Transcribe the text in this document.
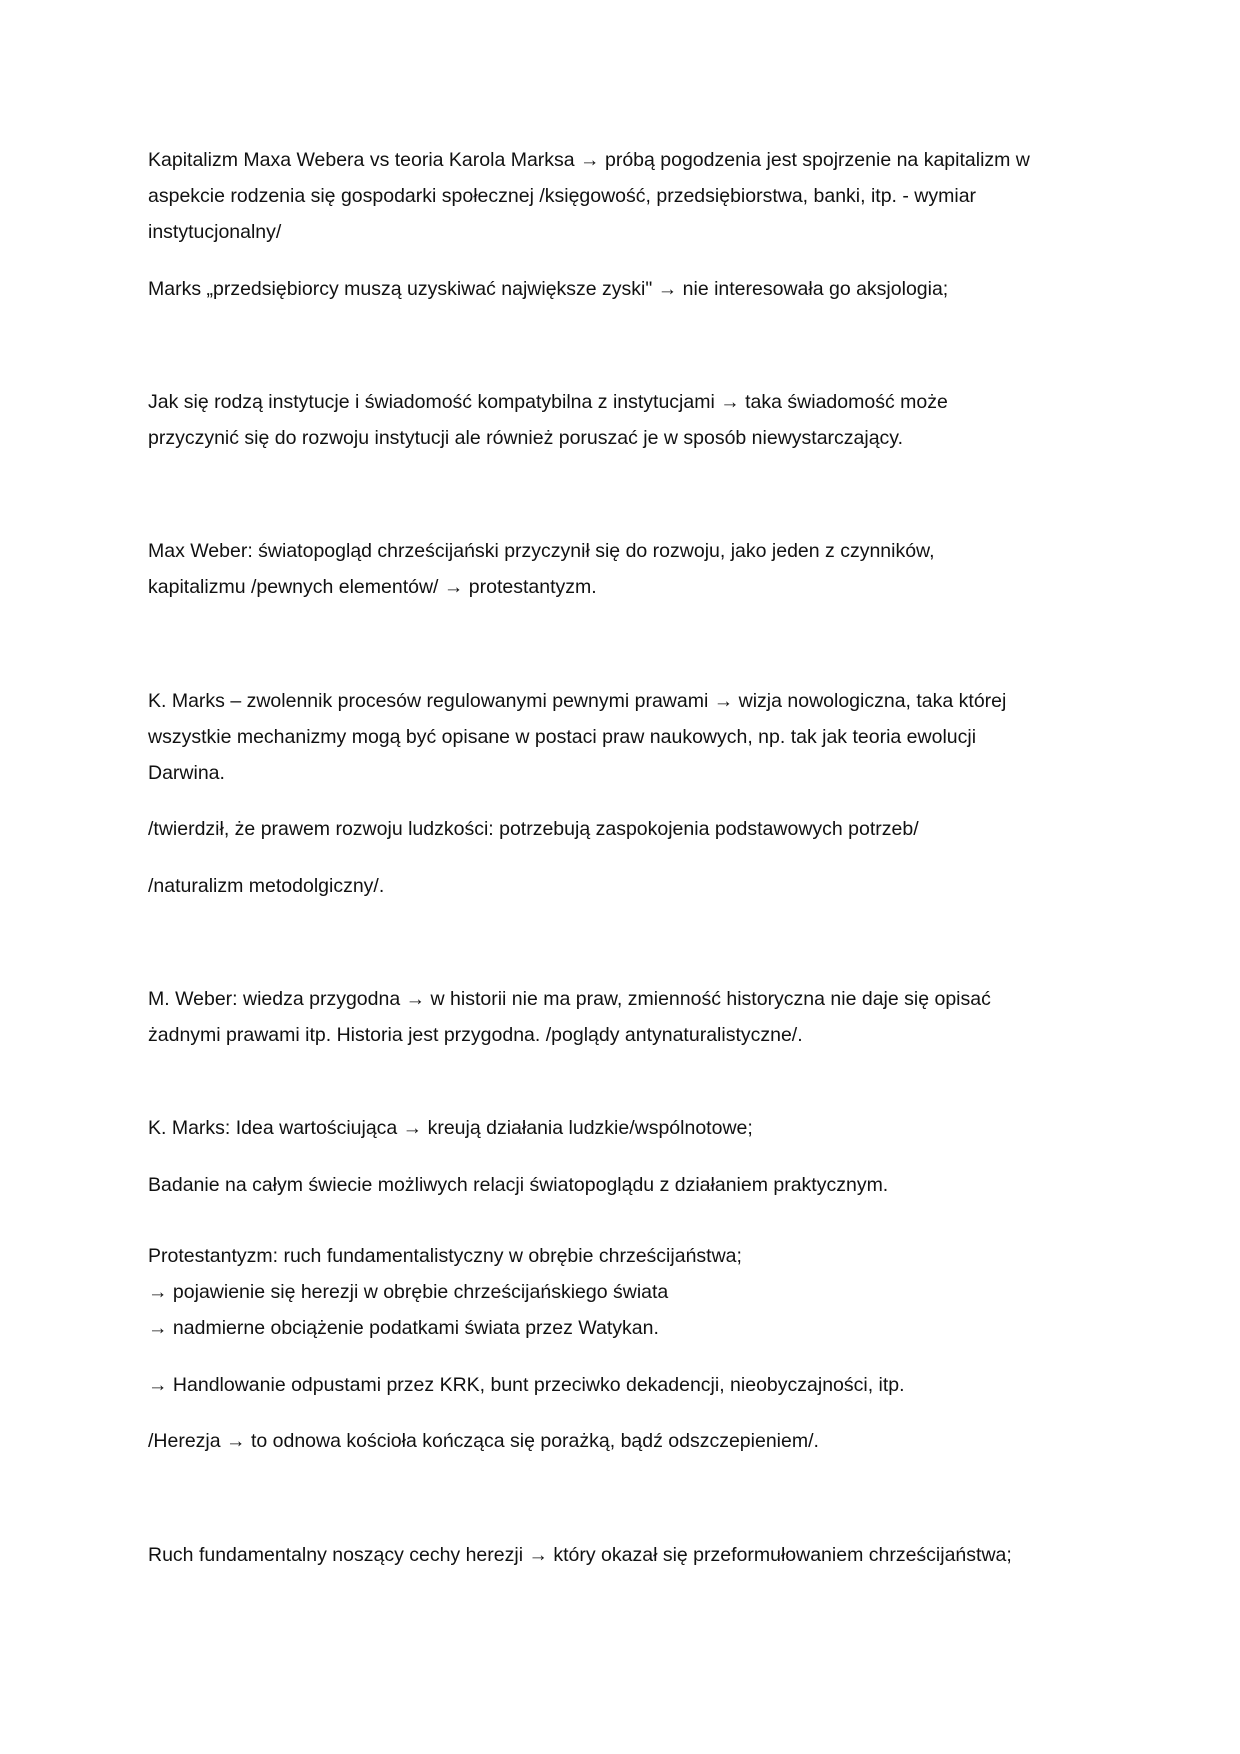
Kapitalizm Maxa Webera vs teoria Karola Marksa → próbą pogodzenia jest spojrzenie na kapitalizm w

aspekcie rodzenia się gospodarki społecznej /księgowość, przedsiębiorstwa, banki, itp. - wymiar

instytucjonalny/

Marks „przedsiębiorcy muszą uzyskiwać największe zyski" → nie interesowała go aksjologia;

Jak się rodzą instytucje i świadomość kompatybilna z instytucjami → taka świadomość może

przyczynić się do rozwoju instytucji ale również poruszać je w sposób niewystarczający.

Max Weber: światopogląd chrześcijański przyczynił się do rozwoju, jako jeden z czynników,

kapitalizmu /pewnych elementów/ → protestantyzm.

K. Marks – zwolennik procesów regulowanymi pewnymi prawami → wizja nowologiczna, taka której

wszystkie mechanizmy mogą być opisane w postaci praw naukowych, np. tak jak teoria ewolucji

Darwina.

/twierdził, że prawem rozwoju ludzkości: potrzebują zaspokojenia podstawowych potrzeb/

/naturalizm metodolgiczny/.

M. Weber: wiedza przygodna → w historii nie ma praw, zmienność historyczna nie daje się opisać

żadnymi prawami itp. Historia jest przygodna. /poglądy antynaturalistyczne/.

K. Marks: Idea wartościująca → kreują działania ludzkie/wspólnotowe;

Badanie na całym świecie możliwych relacji światopoglądu z działaniem praktycznym.

Protestantyzm: ruch fundamentalistyczny w obrębie chrześcijaństwa;

→ pojawienie się herezji w obrębie chrześcijańskiego świata

→ nadmierne obciążenie podatkami świata przez Watykan.

→ Handlowanie odpustami przez KRK, bunt przeciwko dekadencji, nieobyczajności, itp.

/Herezja → to odnowa kościoła kończąca się porażką, bądź odszczepieniem/.

Ruch fundamentalny noszący cechy herezji → który okazał się przeformułowaniem chrześcijaństwa;
